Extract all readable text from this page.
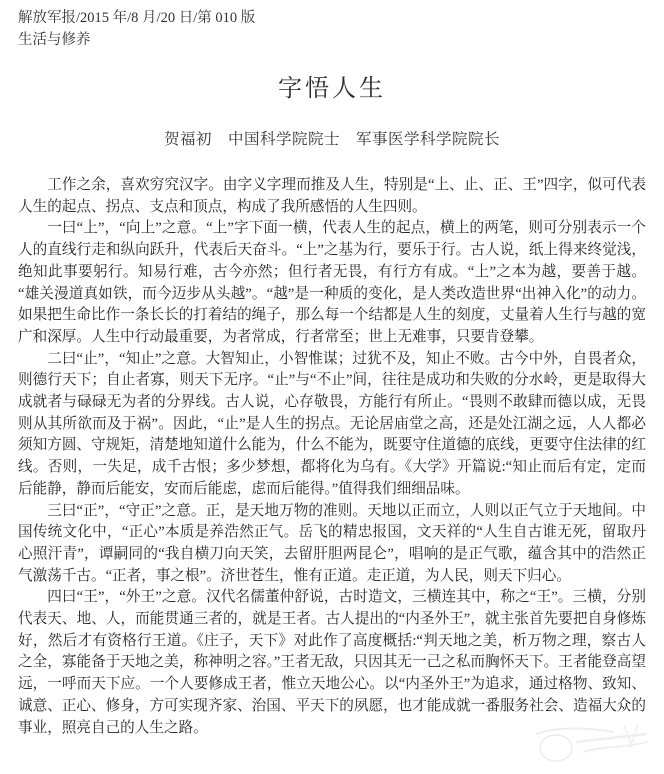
解放军报/2015 年/8 月/20 日/第 010 版
生活与修养
字悟人生
贺福初　中国科学院院士　军事医学科学院院长

工作之余，喜欢穷究汉字。由字义字理而推及人生，特别是“上、止、正、王”四字，似可代表人生的起点、拐点、支点和顶点，构成了我所感悟的人生四则。

一曰“上”，“向上”之意。“上”字下面一横，代表人生的起点，横上的两笔，则可分别表示一个人的直线行走和纵向跃升，代表后天奋斗。“上”之基为行，要乐于行。古人说，纸上得来终觉浅，绝知此事要躬行。知易行难，古今亦然；但行者无畏，有行方有成。“上”之本为越，要善于越。“雄关漫道真如铁，而今迈步从头越”。“越”是一种质的变化，是人类改造世界“出神入化”的动力。如果把生命比作一条长长的打着结的绳子，那么每一个结都是人生的刻度，丈量着人生行与越的宽广和深厚。人生中行动最重要，为者常成，行者常至；世上无难事，只要肯登攀。

二曰“止”，“知止”之意。大智知止，小智惟谋；过犹不及，知止不败。古今中外，自畏者众，则德行天下；自止者寡，则天下无序。“止”与“不止”间，往往是成功和失败的分水岭，更是取得大成就者与碌碌无为者的分界线。古人说，心存敬畏，方能行有所止。“畏则不敢肆而德以成，无畏则从其所欲而及于祸”。因此，“止”是人生的拐点。无论居庙堂之高，还是处江湖之远，人人都必须知方圆、守规矩，清楚地知道什么能为，什么不能为，既要守住道德的底线，更要守住法律的红线。否则，一失足，成千古恨；多少梦想，都将化为乌有。《大学》开篇说:“知止而后有定，定而后能静，静而后能安，安而后能虑，虑而后能得。”值得我们细细品味。

三曰“正”，“守正”之意。正，是天地万物的准则。天地以正而立，人则以正气立于天地间。中国传统文化中，“正心”本质是养浩然正气。岳飞的精忠报国，文天祥的“人生自古谁无死，留取丹心照汗青”，谭嗣同的“我自横刀向天笑，去留肝胆两昆仑”，唱响的是正气歌，蕴含其中的浩然正气激荡千古。“正者，事之根”。济世苍生，惟有正道。走正道，为人民，则天下归心。

四曰“王”，“外王”之意。汉代名儒董仲舒说，古时造文，三横连其中，称之“王”。三横，分别代表天、地、人，而能贯通三者的，就是王者。古人提出的“内圣外王”，就主张首先要把自身修炼好，然后才有资格行王道。《庄子，天下》对此作了高度概括:“判天地之美，析万物之理，察古人之全，寡能备于天地之美，称神明之容。”王者无敌，只因其无一己之私而胸怀天下。王者能登高望远，一呼而天下应。一个人要修成王者，惟立天地公心。以“内圣外王”为追求，通过格物、致知、诚意、正心、修身，方可实现齐家、治国、平天下的夙愿，也才能成就一番服务社会、造福大众的事业，照亮自己的人生之路。
